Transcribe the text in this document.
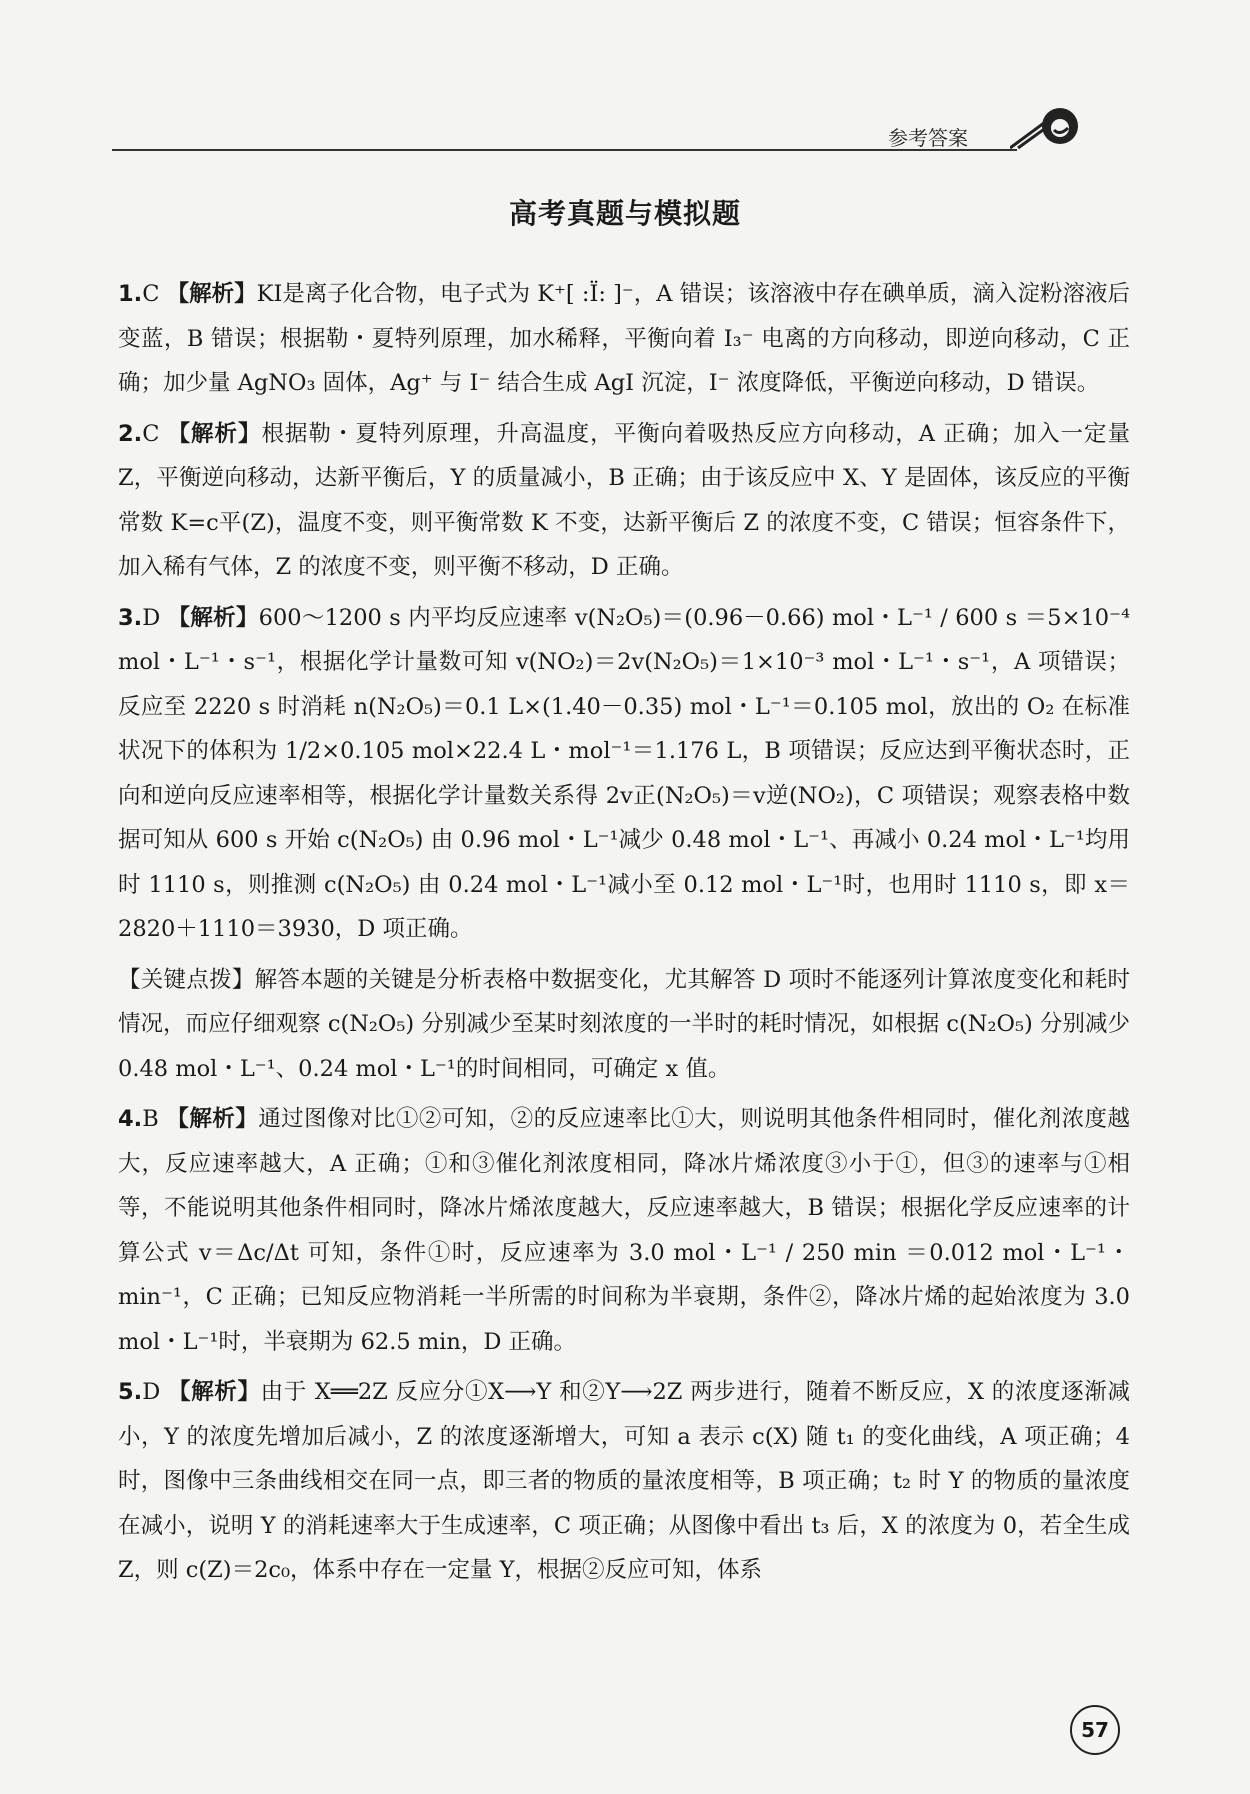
参考答案
高考真题与模拟题

1.C 【解析】KI是离子化合物，电子式为 K⁺[ :Ï: ]⁻，A 错误；该溶液中存在碘单质，滴入淀粉溶液后变蓝，B 错误；根据勒・夏特列原理，加水稀释，平衡向着 I₃⁻ 电离的方向移动，即逆向移动，C 正确；加少量 AgNO₃ 固体，Ag⁺ 与 I⁻ 结合生成 AgI 沉淀，I⁻ 浓度降低，平衡逆向移动，D 错误。

2.C 【解析】根据勒・夏特列原理，升高温度，平衡向着吸热反应方向移动，A 正确；加入一定量 Z，平衡逆向移动，达新平衡后，Y 的质量减小，B 正确；由于该反应中 X、Y 是固体，该反应的平衡常数 K=c平(Z)，温度不变，则平衡常数 K 不变，达新平衡后 Z 的浓度不变，C 错误；恒容条件下，加入稀有气体，Z 的浓度不变，则平衡不移动，D 正确。

3.D 【解析】600～1200 s 内平均反应速率 v(N₂O₅)＝(0.96－0.66) mol・L⁻¹ / 600 s ＝5×10⁻⁴ mol・L⁻¹・s⁻¹，根据化学计量数可知 v(NO₂)＝2v(N₂O₅)＝1×10⁻³ mol・L⁻¹・s⁻¹，A 项错误；反应至 2220 s 时消耗 n(N₂O₅)＝0.1 L×(1.40－0.35) mol・L⁻¹＝0.105 mol，放出的 O₂ 在标准状况下的体积为 1/2×0.105 mol×22.4 L・mol⁻¹＝1.176 L，B 项错误；反应达到平衡状态时，正向和逆向反应速率相等，根据化学计量数关系得 2v正(N₂O₅)＝v逆(NO₂)，C 项错误；观察表格中数据可知从 600 s 开始 c(N₂O₅) 由 0.96 mol・L⁻¹减少 0.48 mol・L⁻¹、再减小 0.24 mol・L⁻¹均用时 1110 s，则推测 c(N₂O₅) 由 0.24 mol・L⁻¹减小至 0.12 mol・L⁻¹时，也用时 1110 s，即 x＝2820＋1110＝3930，D 项正确。

【关键点拨】解答本题的关键是分析表格中数据变化，尤其解答 D 项时不能逐列计算浓度变化和耗时情况，而应仔细观察 c(N₂O₅) 分别减少至某时刻浓度的一半时的耗时情况，如根据 c(N₂O₅) 分别减少 0.48 mol・L⁻¹、0.24 mol・L⁻¹的时间相同，可确定 x 值。

4.B 【解析】通过图像对比①②可知，②的反应速率比①大，则说明其他条件相同时，催化剂浓度越大，反应速率越大，A 正确；①和③催化剂浓度相同，降冰片烯浓度③小于①，但③的速率与①相等，不能说明其他条件相同时，降冰片烯浓度越大，反应速率越大，B 错误；根据化学反应速率的计算公式 v＝Δc/Δt 可知，条件①时，反应速率为 3.0 mol・L⁻¹ / 250 min ＝0.012 mol・L⁻¹・min⁻¹，C 正确；已知反应物消耗一半所需的时间称为半衰期，条件②，降冰片烯的起始浓度为 3.0 mol・L⁻¹时，半衰期为 62.5 min，D 正确。

5.D 【解析】由于 X══2Z 反应分①X⟶Y 和②Y⟶2Z 两步进行，随着不断反应，X 的浓度逐渐减小，Y 的浓度先增加后减小，Z 的浓度逐渐增大，可知 a 表示 c(X) 随 t₁ 的变化曲线，A 项正确；4 时，图像中三条曲线相交在同一点，即三者的物质的量浓度相等，B 项正确；t₂ 时 Y 的物质的量浓度在减小，说明 Y 的消耗速率大于生成速率，C 项正确；从图像中看出 t₃ 后，X 的浓度为 0，若全生成 Z，则 c(Z)＝2c₀，体系中存在一定量 Y，根据②反应可知，体系

57
